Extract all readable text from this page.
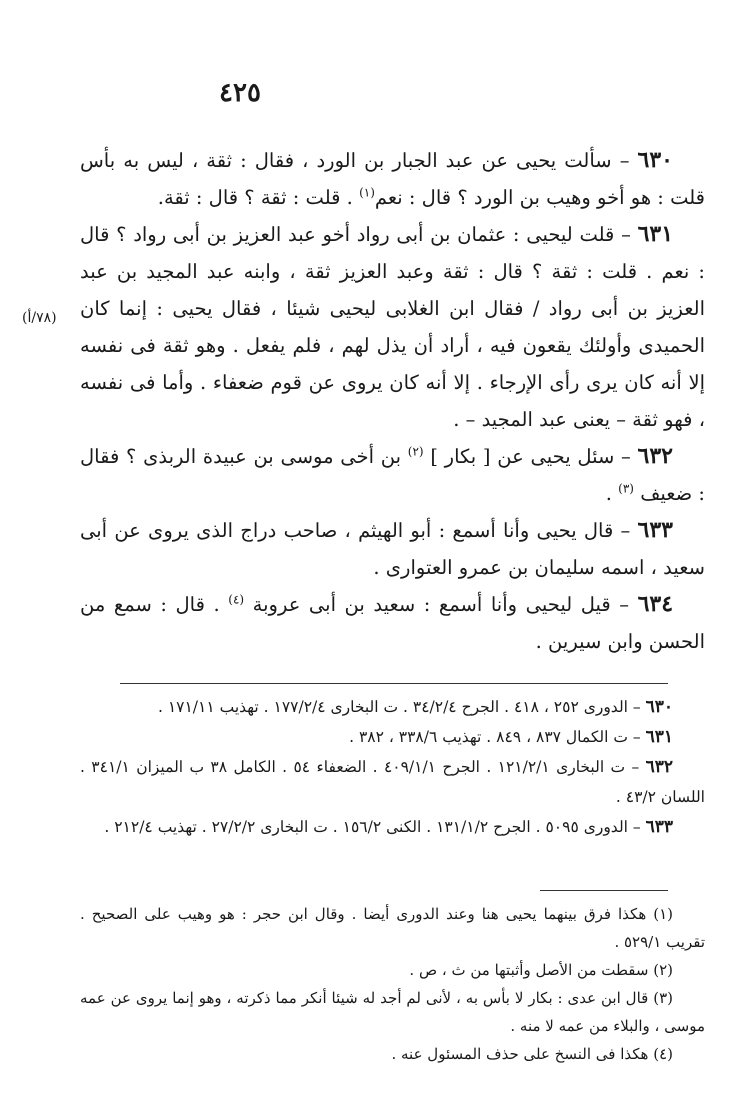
٤٢٥
(٧٨/أ)

٦٣٠ – سألت يحيى عن عبد الجبار بن الورد ، فقال : ثقة ، ليس به بأس قلت : هو أخو وهيب بن الورد ؟ قال : نعم$^{(١)}$ . قلت : ثقة ؟ قال : ثقة.

٦٣١ – قلت ليحيى : عثمان بن أبى رواد أخو عبد العزيز بن أبى رواد ؟ قال : نعم . قلت : ثقة ؟ قال : ثقة وعبد العزيز ثقة ، وابنه عبد المجيد بن عبد العزيز بن أبى رواد / فقال ابن الغلابى ليحيى شيئا ، فقال يحيى : إنما كان الحميدى وأولئك يقعون فيه ، أراد أن يذل لهم ، فلم يفعل . وهو ثقة فى نفسه إلا أنه كان يرى رأى الإرجاء . إلا أنه كان يروى عن قوم ضعفاء . وأما فى نفسه ، فهو ثقة – يعنى عبد المجيد – .

٦٣٢ – سئل يحيى عن [ بكار ] $^{(٢)}$ بن أخى موسى بن عبيدة الربذى ؟ فقال : ضعيف $^{(٣)}$ .

٦٣٣ – قال يحيى وأنا أسمع : أبو الهيثم ، صاحب دراج الذى يروى عن أبى سعيد ، اسمه سليمان بن عمرو العتوارى .

٦٣٤ – قيل ليحيى وأنا أسمع : سعيد بن أبى عروبة $^{(٤)}$ . قال : سمع من الحسن وابن سيرين .

٦٣٠ – الدورى ٢٥٢ ، ٤١٨ . الجرح ٣٤/٢/٤ . ت البخارى ١٧٧/٢/٤ . تهذيب ١٧١/١١ .

٦٣١ – ت الكمال ٨٣٧ ، ٨٤٩ . تهذيب ٣٣٨/٦ ، ٣٨٢ .

٦٣٢ – ت البخارى ١٢١/٢/١ . الجرح ٤٠٩/١/١ . الضعفاء ٥٤ . الكامل ٣٨ ب الميزان ٣٤١/١ . اللسان ٤٣/٢ .

٦٣٣ – الدورى ٥٠٩٥ . الجرح ١٣١/١/٢ . الكنى ١٥٦/٢ . ت البخارى ٢٧/٢/٢ . تهذيب ٢١٢/٤ .

(١) هكذا فرق بينهما يحيى هنا وعند الدورى أيضا . وقال ابن حجر : هو وهيب على الصحيح . تقريب ٥٢٩/١ .

(٢) سقطت من الأصل وأثبتها من ث ، ص .

(٣) قال ابن عدى : بكار لا بأس به ، لأنى لم أجد له شيئا أنكر مما ذكرته ، وهو إنما يروى عن عمه موسى ، والبلاء من عمه لا منه .

(٤) هكذا فى النسخ على حذف المسئول عنه .
